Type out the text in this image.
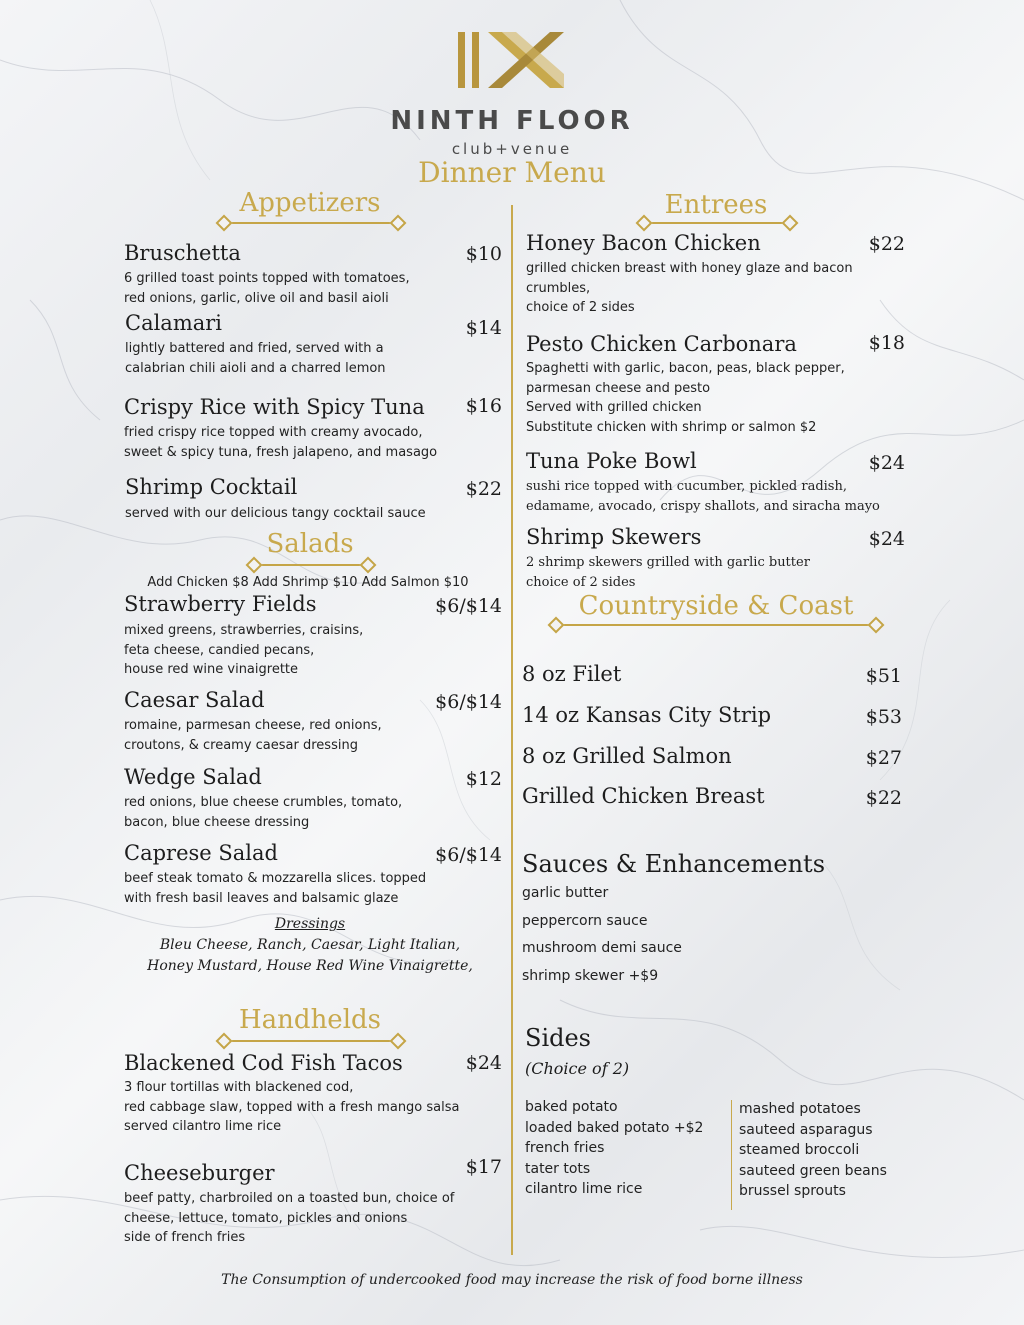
NINTH FLOOR
club+venue
Dinner Menu
Appetizers
Bruschetta	$10
6 grilled toast points topped with tomatoes,
red onions, garlic, olive oil and basil aioli
Calamari	$14
lightly battered and fried, served with a
calabrian chili aioli and a charred lemon
Crispy Rice with Spicy Tuna	$16
fried crispy rice topped with creamy avocado,
sweet & spicy tuna, fresh jalapeno, and masago
Shrimp Cocktail	$22
served with our delicious tangy cocktail sauce
Salads
Add Chicken $8 Add Shrimp $10 Add Salmon $10
Strawberry Fields	$6/$14
mixed greens, strawberries, craisins,
feta cheese, candied pecans,
house red wine vinaigrette
Caesar Salad	$6/$14
romaine, parmesan cheese, red onions,
croutons, & creamy caesar dressing
Wedge Salad	$12
red onions, blue cheese crumbles, tomato,
bacon, blue cheese dressing
Caprese Salad	$6/$14
beef steak tomato & mozzarella slices. topped
with fresh basil leaves and balsamic glaze
Dressings
Bleu Cheese, Ranch, Caesar, Light Italian,
Honey Mustard, House Red Wine Vinaigrette,
Handhelds
Blackened Cod Fish Tacos	$24
3 flour tortillas with blackened cod,
red cabbage slaw, topped with a fresh mango salsa
served cilantro lime rice
Cheeseburger	$17
beef patty, charbroiled on a toasted bun, choice of
cheese, lettuce, tomato, pickles and onions
side of french fries
Entrees
Honey Bacon Chicken	$22
grilled chicken breast with honey glaze and bacon
crumbles,
choice of 2 sides
Pesto Chicken Carbonara	$18
Spaghetti with garlic, bacon, peas, black pepper,
parmesan cheese and pesto
Served with grilled chicken
Substitute chicken with shrimp or salmon $2
Tuna Poke Bowl	$24
sushi rice topped with cucumber, pickled radish,
edamame, avocado, crispy shallots, and siracha mayo
Shrimp Skewers	$24
2 shrimp skewers grilled with garlic butter
choice of 2 sides
Countryside & Coast
8 oz Filet	$51
14 oz Kansas City Strip	$53
8 oz Grilled Salmon	$27
Grilled Chicken Breast	$22
Sauces & Enhancements
garlic butter
peppercorn sauce
mushroom demi sauce
shrimp skewer +$9
Sides
(Choice of 2)
baked potato
loaded baked potato +$2
french fries
tater tots
cilantro lime rice
mashed potatoes
sauteed asparagus
steamed broccoli
sauteed green beans
brussel sprouts
The Consumption of undercooked food may increase the risk of food borne illness
